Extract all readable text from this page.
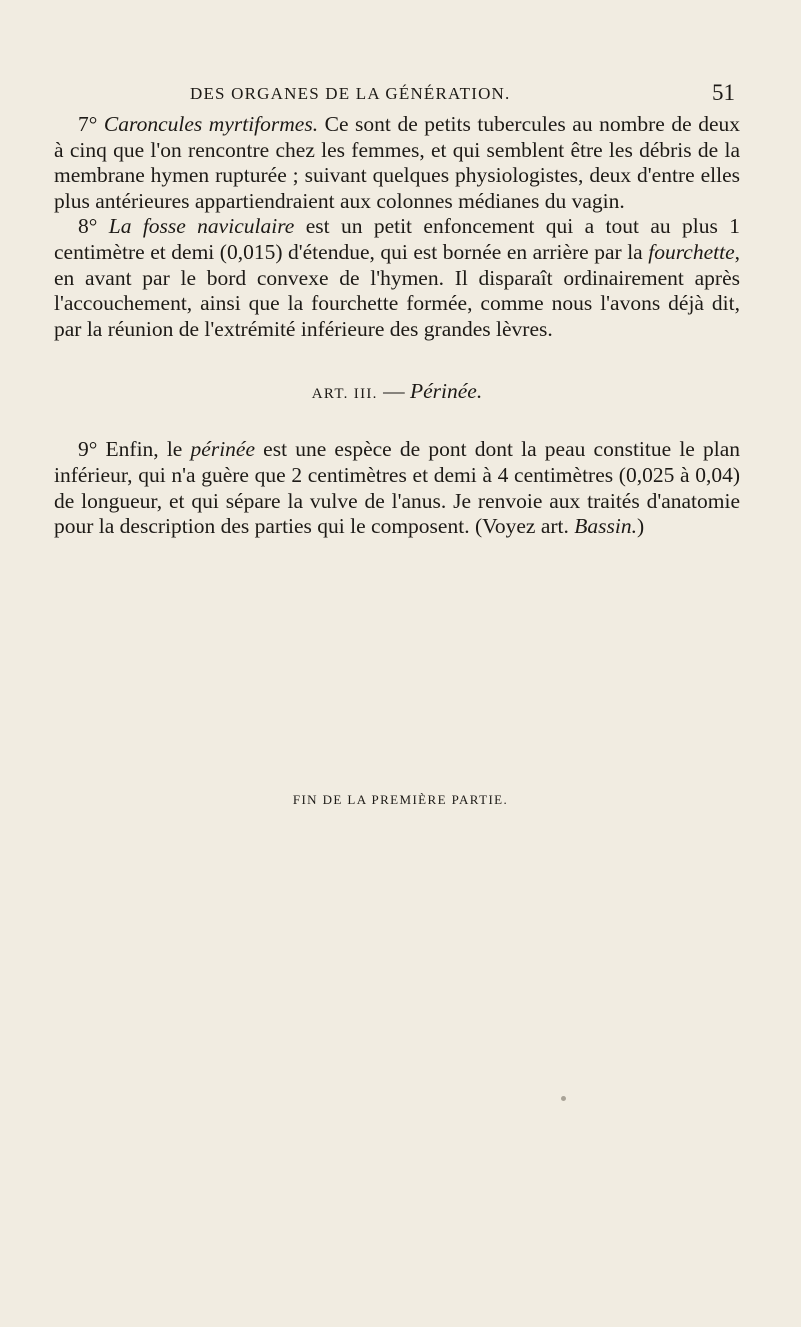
DES ORGANES DE LA GÉNÉRATION.	51

7° Caroncules myrtiformes. Ce sont de petits tubercules au nombre de deux à cinq que l'on rencontre chez les femmes, et qui semblent être les débris de la membrane hymen rupturée ; suivant quelques physiologistes, deux d'entre elles plus antérieures appartiendraient aux colonnes médianes du vagin.

8° La fosse naviculaire est un petit enfoncement qui a tout au plus 1 centimètre et demi (0,015) d'étendue, qui est bornée en arrière par la fourchette, en avant par le bord convexe de l'hymen. Il disparaît ordinairement après l'accouchement, ainsi que la fourchette formée, comme nous l'avons déjà dit, par la réunion de l'extrémité inférieure des grandes lèvres.

ART. III. — Périnée.

9° Enfin, le périnée est une espèce de pont dont la peau constitue le plan inférieur, qui n'a guère que 2 centimètres et demi à 4 centimètres (0,025 à 0,04) de longueur, et qui sépare la vulve de l'anus. Je renvoie aux traités d'anatomie pour la description des parties qui le composent. (Voyez art. Bassin.)

FIN DE LA PREMIÈRE PARTIE.
